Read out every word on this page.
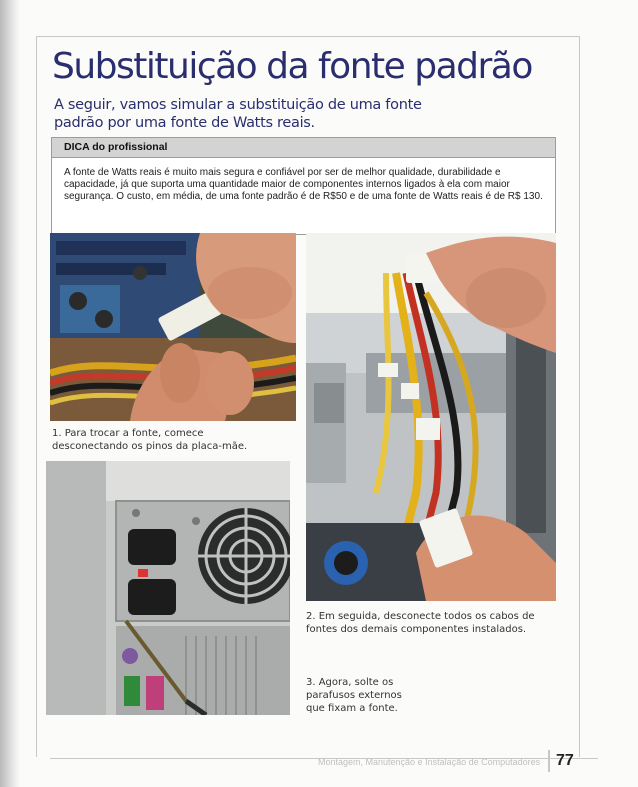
Substituição da fonte padrão

A seguir, vamos simular a substituição de uma fonte padrão por uma fonte de Watts reais.

DICA do profissional

A fonte de Watts reais é muito mais segura e confiável por ser de melhor qualidade, durabilidade e capacidade, já que suporta uma quantidade maior de componentes internos ligados à ela com maior segurança. O custo, em média, de uma fonte padrão é de R$50 e de uma fonte de Watts reais é de R$ 130.

1. Para trocar a fonte, comece desconectando os pinos da placa-mãe.

2. Em seguida, desconecte todos os cabos de fontes dos demais componentes instalados.

3. Agora, solte os parafusos externos que fixam a fonte.

Montagem, Manutenção e Instalação de Computadores 77
